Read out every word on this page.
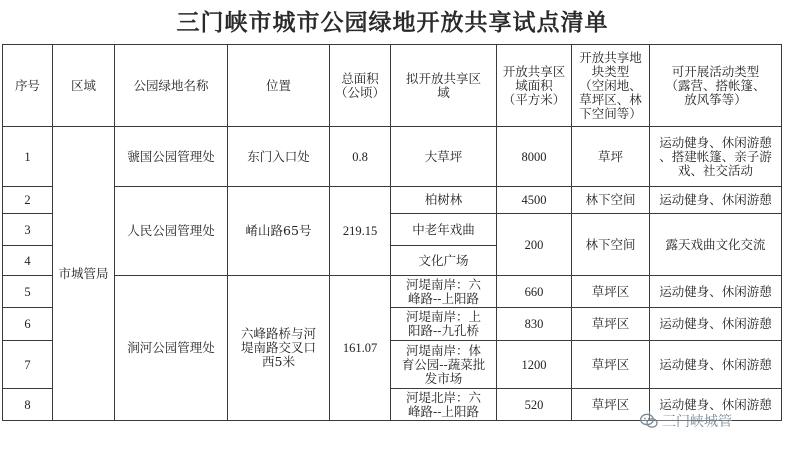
三门峡市城市公园绿地开放共享试点清单
序号	区域	公园绿地名称	位置	总面积
（公顷）	拟开放共享区
域	开放共享区
域面积
（平方米）	开放共享地
块类型
（空闲地、
草坪区、林
下空间等）	可开展活动类型
（露营、搭帐篷、
放风筝等）
1	市城管局	虢国公园管理处	东门入口处	0.8	大草坪	8000	草坪	运动健身、休闲游憩
、搭建帐篷、亲子游
戏、社交活动
2		人民公园管理处	崤山路65号	219.15	柏树林	4500	林下空间	运动健身、休闲游憩
3					中老年戏曲	200	林下空间	露天戏曲文化交流
4					文化广场			
5		涧河公园管理处	六峰路桥与河
堤南路交叉口
西5米	161.07	河堤南岸：六
峰路--上阳路	660	草坪区	运动健身、休闲游憩
6					河堤南岸：上
阳路--九孔桥	830	草坪区	运动健身、休闲游憩
7					河堤南岸：体
育公园--蔬菜批
发市场	1200	草坪区	运动健身、休闲游憩
8					河堤北岸：六
峰路--上阳路	520	草坪区	运动健身、休闲游憩
三门峡城管
